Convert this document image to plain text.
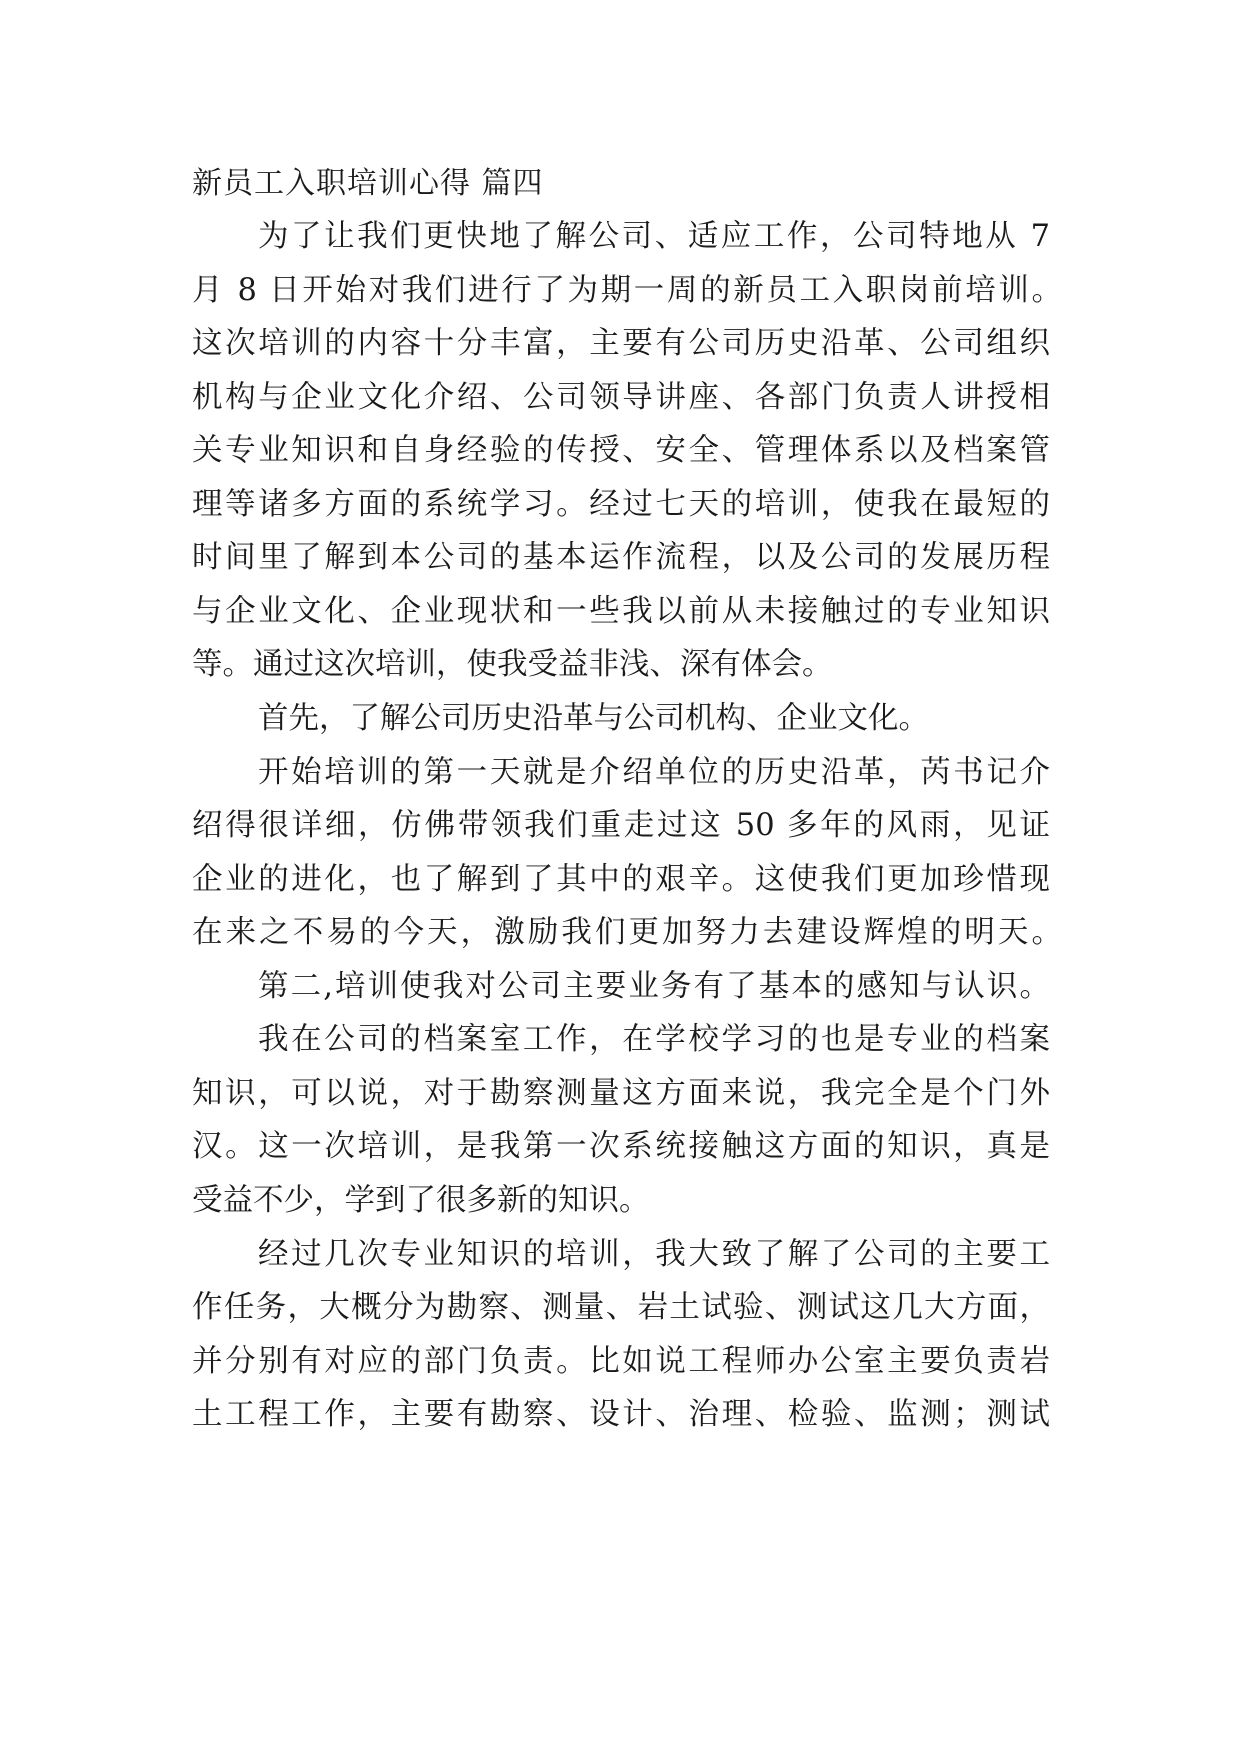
新员工入职培训心得 篇四
为了让我们更快地了解公司、适应工作，公司特地从 7
月 8 日开始对我们进行了为期一周的新员工入职岗前培训。
这次培训的内容十分丰富，主要有公司历史沿革、公司组织
机构与企业文化介绍、公司领导讲座、各部门负责人讲授相
关专业知识和自身经验的传授、安全、管理体系以及档案管
理等诸多方面的系统学习。经过七天的培训，使我在最短的
时间里了解到本公司的基本运作流程，以及公司的发展历程
与企业文化、企业现状和一些我以前从未接触过的专业知识
等。通过这次培训，使我受益非浅、深有体会。
首先，了解公司历史沿革与公司机构、企业文化。
开始培训的第一天就是介绍单位的历史沿革，芮书记介
绍得很详细，仿佛带领我们重走过这 50 多年的风雨，见证
企业的进化，也了解到了其中的艰辛。这使我们更加珍惜现
在来之不易的今天，激励我们更加努力去建设辉煌的明天。
第二,培训使我对公司主要业务有了基本的感知与认识。
我在公司的档案室工作，在学校学习的也是专业的档案
知识，可以说，对于勘察测量这方面来说，我完全是个门外
汉。这一次培训，是我第一次系统接触这方面的知识，真是
受益不少，学到了很多新的知识。
经过几次专业知识的培训，我大致了解了公司的主要工
作任务，大概分为勘察、测量、岩土试验、测试这几大方面，
并分别有对应的部门负责。比如说工程师办公室主要负责岩
土工程工作，主要有勘察、设计、治理、检验、监测；测试
